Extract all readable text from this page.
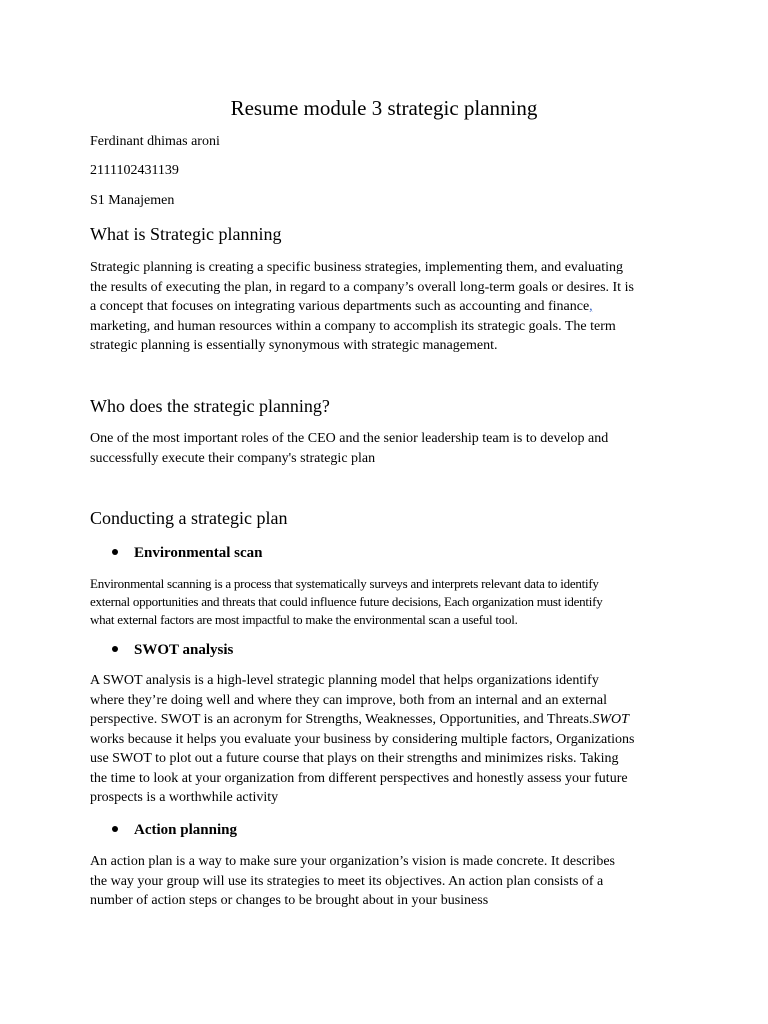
Resume module 3 strategic planning

Ferdinant dhimas aroni

2111102431139

S1 Manajemen

What is Strategic planning
Strategic planning is creating a specific business strategies, implementing them, and evaluating
the results of executing the plan, in regard to a company’s overall long-term goals or desires. It is
a concept that focuses on integrating various departments such as accounting and finance,
marketing, and human resources within a company to accomplish its strategic goals. The term
strategic planning is essentially synonymous with strategic management.
Who does the strategic planning?
One of the most important roles of the CEO and the senior leadership team is to develop and
successfully execute their company's strategic plan
Conducting a strategic plan

Environmental scan

Environmental scanning is a process that systematically surveys and interprets relevant data to identify
external opportunities and threats that could influence future decisions, Each organization must identify
what external factors are most impactful to make the environmental scan a useful tool.

SWOT analysis

A SWOT analysis is a high-level strategic planning model that helps organizations identify
where they’re doing well and where they can improve, both from an internal and an external
perspective. SWOT is an acronym for Strengths, Weaknesses, Opportunities, and Threats.SWOT
works because it helps you evaluate your business by considering multiple factors, Organizations
use SWOT to plot out a future course that plays on their strengths and minimizes risks. Taking
the time to look at your organization from different perspectives and honestly assess your future
prospects is a worthwhile activity

Action planning

An action plan is a way to make sure your organization’s vision is made concrete. It describes
the way your group will use its strategies to meet its objectives. An action plan consists of a
number of action steps or changes to be brought about in your business
